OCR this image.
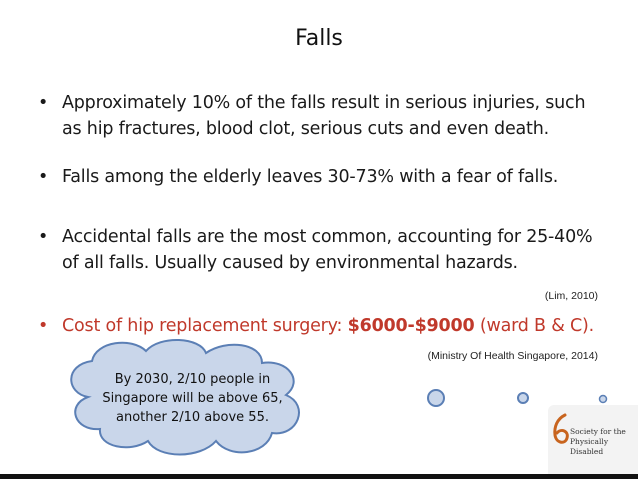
Falls
• Approximately 10% of the falls result in serious injuries, such
as hip fractures, blood clot, serious cuts and even death.
• Falls among the elderly leaves 30-73% with a fear of falls.
• Accidental falls are the most common, accounting for 25-40%
of all falls. Usually caused by environmental hazards.
(Lim, 2010)
• Cost of hip replacement surgery: $6000-$9000 (ward B & C).
(Ministry Of Health Singapore, 2014)
By 2030, 2/10 people in
Singapore will be above 65,
another 2/10 above 55.
Society for the
Physically Disabled
